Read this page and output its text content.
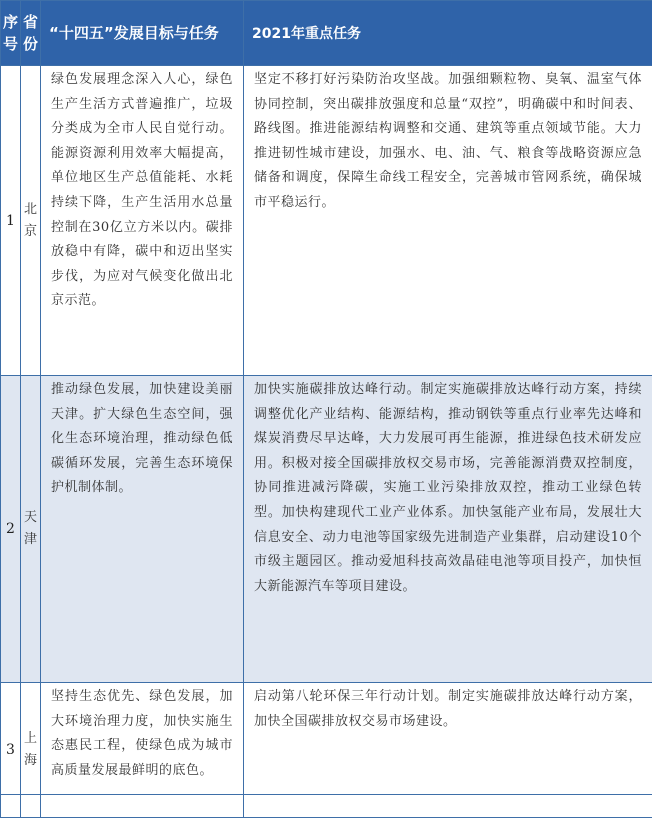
序号	省份	“十四五”发展目标与任务	2021年重点任务
1	北京	绿色发展理念深入人心，绿色生产生活方式普遍推广，垃圾分类成为全市人民自觉行动。能源资源利用效率大幅提高，单位地区生产总值能耗、水耗持续下降，生产生活用水总量控制在30亿立方米以内。碳排放稳中有降，碳中和迈出坚实步伐，为应对气候变化做出北京示范。	坚定不移打好污染防治攻坚战。加强细颗粒物、臭氧、温室气体协同控制，突出碳排放强度和总量“双控”，明确碳中和时间表、路线图。推进能源结构调整和交通、建筑等重点领域节能。大力推进韧性城市建设，加强水、电、油、气、粮食等战略资源应急储备和调度，保障生命线工程安全，完善城市管网系统，确保城市平稳运行。
2	天津	推动绿色发展，加快建设美丽天津。扩大绿色生态空间，强化生态环境治理，推动绿色低碳循环发展，完善生态环境保护机制体制。	加快实施碳排放达峰行动。制定实施碳排放达峰行动方案，持续调整优化产业结构、能源结构，推动钢铁等重点行业率先达峰和煤炭消费尽早达峰，大力发展可再生能源，推进绿色技术研发应用。积极对接全国碳排放权交易市场，完善能源消费双控制度，协同推进减污降碳，实施工业污染排放双控，推动工业绿色转型。加快构建现代工业产业体系。加快氢能产业布局，发展壮大信息安全、动力电池等国家级先进制造产业集群，启动建设10个市级主题园区。推动爱旭科技高效晶硅电池等项目投产，加快恒大新能源汽车等项目建设。
3	上海	坚持生态优先、绿色发展，加大环境治理力度，加快实施生态惠民工程，使绿色成为城市高质量发展最鲜明的底色。	启动第八轮环保三年行动计划。制定实施碳排放达峰行动方案，加快全国碳排放权交易市场建设。
